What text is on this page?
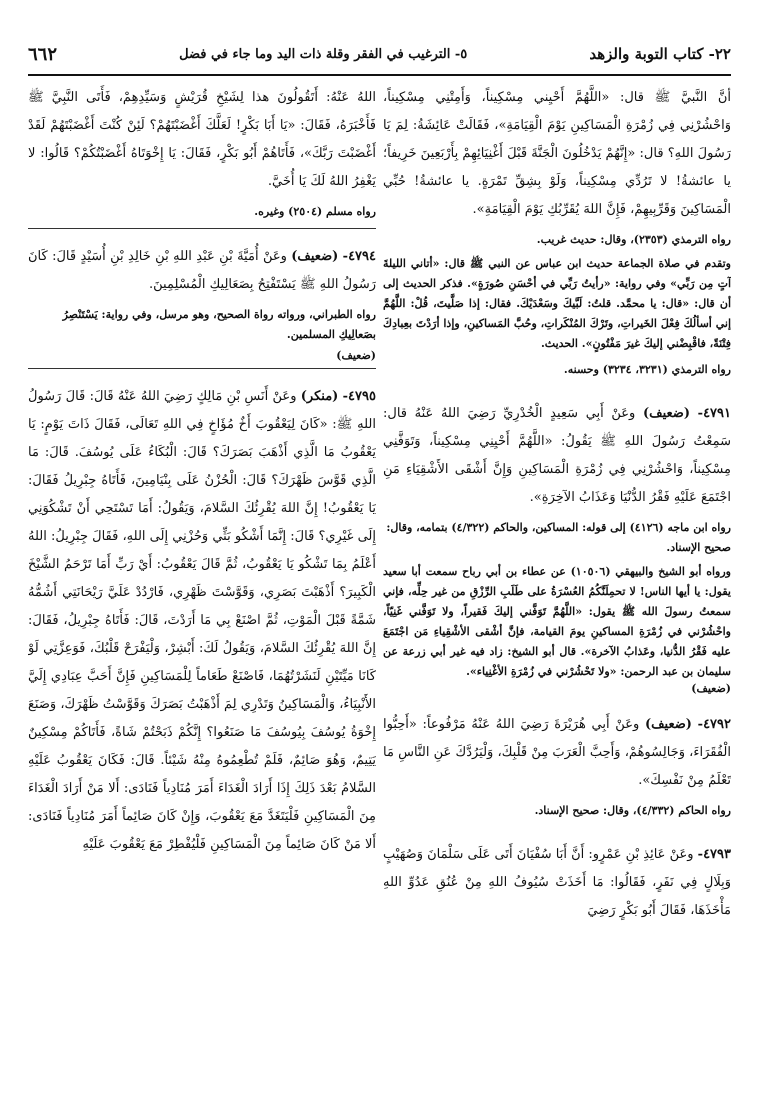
٢٢- كتاب التوبة والزهد
٥- الترغيب في الفقر وقلة ذات اليد وما جاء في فضل
٦٦٢

أنَّ النَّبيَّ ﷺ قال: «اللَّهُمَّ أَحْيِني مِسْكِيناً، وَأَمِتْنِي مِسْكِيناً، وَاحْشُرْنِي فِي زُمْرَةِ الْمَسَاكِينِ يَوْمَ الْقِيَامَةِ»، فَقَالَتْ عَائِشَةُ: لِمَ يَا رَسُولَ اللهِ؟ قال: «إِنَّهُمْ يَدْخُلُونَ الْجَنَّةَ قَبْلَ أَغْنِيَائِهِمْ بِأَرْبَعِينَ خَرِيفاً؛ يا عائشةُ! لا تَرُدِّي مِسْكِيناً، وَلَوْ بِشِقِّ تَمْرَةٍ. يا عائشةُ! حُبِّي الْمَسَاكِينَ وَقَرِّبِيهِمْ، فَإِنَّ اللهَ يُقَرِّبُكِ يَوْمَ الْقِيَامَةِ».

رواه الترمذي (٢٣٥٣)، وقال: حديث غريب.

وتقدم في صلاة الجماعة حديث ابن عباس عن النبي ﷺ قال: «أتاني الليلةَ آتٍ مِن رَبِّي» وفي رواية: «رأيتُ رَبِّي في أحْسَنِ صُورَةٍ». فذكر الحديث إلى أن قال: «قال: يا محمَّد. قلتُ: لَبَّيكَ وسَعْدَيْكَ. فقال: إذا صَلَّيتَ، قُلْ: اللَّهُمَّ إني أسألُكَ فِعْلَ الخَيراتِ، وتَرْكَ المُنْكَراتِ، وحُبَّ المَساكينِ، وإذا أرَدْتَ بعِبادِكَ فِتْنَةً، فاقْبِضْني إليكَ غيرَ مَفْتُونٍ». الحديث.

رواه الترمذي (٣٢٣١، ٣٢٣٤) وحسنه.

٤٧٩١- (ضعيف) وعَنْ أَبِي سَعِيدٍ الْخُدْرِيِّ رَضِيَ اللهُ عَنْهُ قال: سَمِعْتُ رَسُولَ اللهِ ﷺ يَقُولُ: «اللَّهُمَّ أَحْيِنِي مِسْكِيناً، وَتَوَفَّنِي مِسْكِيناً، وَاحْشُرْنِي فِي زُمْرَةِ الْمَسَاكِينِ وَإِنَّ أَشْقَى الأَشْقِيَاءِ مَنِ اجْتَمَعَ عَلَيْهِ فَقْرُ الدُّنْيَا وَعَذَابُ الآخِرَةِ».

رواه ابن ماجه (٤١٢٦) إلى قوله: المساكين، والحاكم (٤/٣٢٢) بتمامه، وقال: صحيح الإسناد.

ورواه أبو الشيخ والبيهقي (١٠٥٠٦) عن عطاء بن أبي رباح سمعت أبا سعيد يقول: يا أيها الناس! لا تحمِلَنَّكُمُ العُسْرَةُ على طَلَبِ الرِّزْقِ من غير حِلِّه، فإني سمعتُ رسولَ الله ﷺ يقول: «اللَّهُمَّ تَوَفَّني إليكَ فَقيراً، ولا تَوَفَّني غَنِيّاً، واحْشُرْني في زُمْرَةِ المساكينِ يومَ القيامة، فإنَّ أشْقى الأشْقِياءِ مَن اجْتَمَعَ عليه فَقْرُ الدُّنيا، وعَذابُ الآخرة». قال أبو الشيخ: زاد فيه غير أبي زرعة عن سليمان بن عبد الرحمن: «ولا تَحْشُرْني في زُمْرَةِ الأغْنِياء».

(ضعيف)

٤٧٩٢- (ضعيف) وعَنْ أَبِي هُرَيْرَةَ رَضِيَ اللهُ عَنْهُ مَرْفُوعاً: «أَحِبُّوا الْفُقَرَاءَ، وَجَالِسُوهُمْ، وَأَحِبَّ الْعَرَبَ مِنْ قَلْبِكَ، وَلْيَرُدَّكَ عَنِ النَّاسِ مَا تَعْلَمُ مِنْ نَفْسِكَ».

رواه الحاكم (٤/٣٣٢)، وقال: صحيح الإسناد.

٤٧٩٣- وعَنْ عَائِذِ بْنِ عَمْرٍو: أَنَّ أَبَا سُفْيَانَ أَتَى عَلَى سَلْمَانَ وَصُهَيْبٍ وَبِلَالٍ فِي نَفَرٍ، فَقَالُوا: مَا أَخَذَتْ سُيُوفُ اللهِ مِنْ عُنُقِ عَدُوِّ اللهِ مَأْخَذَهَا، فَقَالَ أَبُو بَكْرٍ رَضِيَ

اللهُ عَنْهُ: أَتَقُولُونَ هذا لِشَيْخِ قُرَيْشٍ وَسَيِّدِهِمْ، فَأَتَى النَّبِيَّ ﷺ فَأَخْبَرَهُ، فَقَالَ: «يَا أَبَا بَكْرٍ! لَعَلَّكَ أَغْضَبْتَهُمْ؟ لَئِنْ كُنْتَ أَغْضَبْتَهُمْ لَقَدْ أَغْضَبْتَ رَبَّكَ»، فَأَتَاهُمْ أَبُو بَكْرٍ، فَقَالَ: يَا إِخْوَتَاهُ أَغْضَبْتُكُمْ؟ قَالُوا: لا يَغْفِرُ اللهُ لَكَ يَا أُخَيَّ.

رواه مسلم (٢٥٠٤) وغيره.

٤٧٩٤- (ضعيف) وعَنْ أُمَيَّةَ بْنِ عَبْدِ اللهِ بْنِ خَالِدِ بْنِ أُسَيْدٍ قَالَ: كَانَ رَسُولُ اللهِ ﷺ يَسْتَفْتِحُ بِصَعَالِيكِ الْمُسْلِمِينَ.

رواه الطبراني، ورواته رواة الصحيح، وهو مرسل، وفي رواية: يَسْتَنْصِرُ بصَعالِيكِ المسلمين.

(ضعيف)

٤٧٩٥- (منكر) وعَنْ أَنَسِ بْنِ مَالِكٍ رَضِيَ اللهُ عَنْهُ قَالَ: قَالَ رَسُولُ اللهِ ﷺ: «كَانَ لِيَعْقُوبَ أَخٌ مُؤَاخٍ فِي اللهِ تَعَالَى، فَقَالَ ذَاتَ يَوْمٍ: يَا يَعْقُوبُ مَا الَّذِي أَذْهَبَ بَصَرَكَ؟ قَالَ: الْبُكَاءُ عَلَى يُوسُفَ. قَالَ: مَا الَّذِي قَوَّسَ ظَهْرَكَ؟ قَالَ: الْحُزْنُ عَلَى بِنْيَامِينَ، فَأَتَاهُ جِبْرِيلُ فَقَالَ: يَا يَعْقُوبُ! إِنَّ اللهَ يُقْرِئُكَ السَّلامَ، وَيَقُولُ: أَمَا تَسْتَحِي أَنْ تَشْكُوَنِي إِلَى غَيْرِي؟ قَالَ: إِنَّمَا أَشْكُو بَثِّي وَحُزْنِي إِلَى اللهِ، فَقَالَ جِبْرِيلُ: اللهُ أَعْلَمُ بِمَا تَشْكُو يَا يَعْقُوبُ، ثُمَّ قَالَ يَعْقُوبُ: أَيْ رَبِّ أَمَا تَرْحَمُ الشَّيْخَ الْكَبِيرَ؟ أَذْهَبْتَ بَصَرِي، وَقَوَّسْتَ ظَهْرِي، فَارْدُدْ عَلَيَّ رَيْحَانَتِي أَشُمُّهُ شَمَّةً قَبْلَ الْمَوْتِ، ثُمَّ اصْنَعْ بِي مَا أَرَدْتَ، قَالَ: فَأَتَاهُ جِبْرِيلُ، فَقَالَ: إِنَّ اللهَ يُقْرِئُكَ السَّلامَ، وَيَقُولُ لَكَ: أَبْشِرْ، وَلْيَفْرَحْ قَلْبُكَ، فَوَعِزَّتِي لَوْ كَانَا مَيِّتَيْنِ لَنَشَرْتُهُمَا، فَاصْنَعْ طَعَاماً لِلْمَسَاكِينِ فَإِنَّ أَحَبَّ عِبَادِي إِلَيَّ الأَنْبِيَاءُ، وَالْمَسَاكِينُ وَتَدْرِي لِمَ أَذْهَبْتُ بَصَرَكَ وَقَوَّسْتُ ظَهْرَكَ، وَصَنَعَ إِخْوَةُ يُوسُفَ بِيُوسُفَ مَا صَنَعُوا؟ إِنَّكُمْ ذَبَحْتُمْ شَاةً، فَأَتَاكُمْ مِسْكِينٌ يَتِيمٌ، وَهُوَ صَائِمٌ، فَلَمْ تُطْعِمُوهُ مِنْهُ شَيْئاً. قَالَ: فَكَانَ يَعْقُوبُ عَلَيْهِ السَّلامُ بَعْدَ ذَلِكَ إِذَا أَرَادَ الْغَدَاءَ أَمَرَ مُنَادِياً فَنَادَى: أَلا مَنْ أَرَادَ الْغَدَاءَ مِنَ الْمَسَاكِينِ فَلْيَتَغَدَّ مَعَ يَعْقُوبَ، وَإِنْ كَانَ صَائِماً أَمَرَ مُنَادِياً فَنَادَى: أَلا مَنْ كَانَ صَائِماً مِنَ الْمَسَاكِينِ فَلْيُفْطِرْ مَعَ يَعْقُوبَ عَلَيْهِ
